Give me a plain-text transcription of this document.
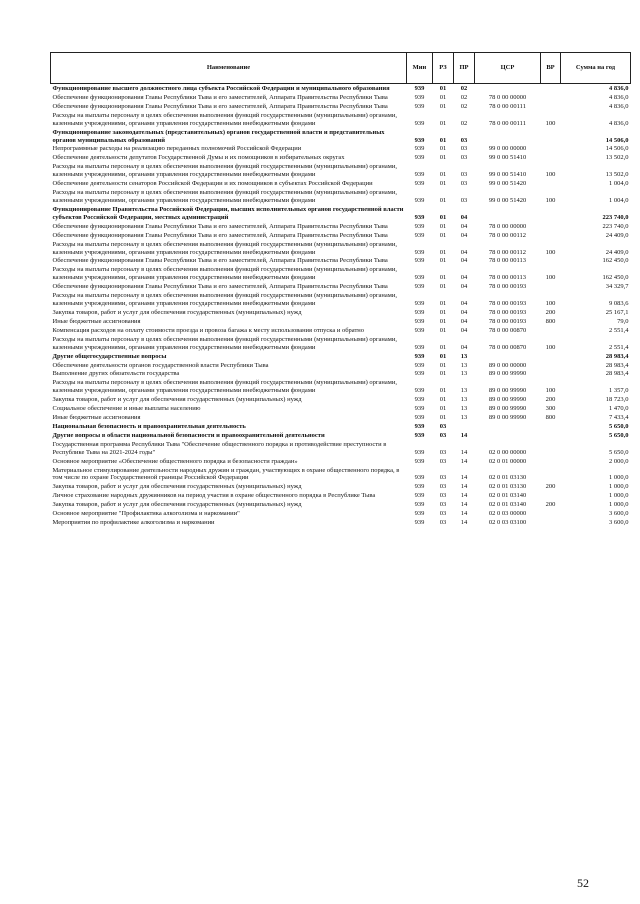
Наименование	Мин	РЗ	ПР	ЦСР	ВР	Сумма на год
Функционирование высшего должностного лица субъекта Российской Федерации и муниципального образования	939	01	02			4 836,0
Обеспечение функционирования Главы Республики Тыва и его заместителей, Аппарата Правительства Республики Тыва	939	01	02	78 0 00 00000		4 836,0
Обеспечение функционирования Главы Республики Тыва и его заместителей, Аппарата Правительства Республики Тыва	939	01	02	78 0 00 00111		4 836,0
Расходы на выплаты персоналу в целях обеспечения выполнения функций государственными (муниципальными) органами, казенными учреждениями, органами управления государственными внебюджетными фондами	939	01	02	78 0 00 00111	100	4 836,0
Функционирование законодательных (представительных) органов государственной власти и представительных органов муниципальных образований	939	01	03			14 506,0
Непрограммные расходы на реализацию переданных полномочий Российской Федерации	939	01	03	99 0 00 00000		14 506,0
Обеспечение деятельности депутатов Государственной Думы и их помощников в избирательных округах	939	01	03	99 0 00 51410		13 502,0
Расходы на выплаты персоналу в целях обеспечения выполнения функций государственными (муниципальными) органами, казенными учреждениями, органами управления государственными внебюджетными фондами	939	01	03	99 0 00 51410	100	13 502,0
Обеспечение деятельности сенаторов Российской Федерации и их помощников в субъектах Российской Федерации	939	01	03	99 0 00 51420		1 004,0
Расходы на выплаты персоналу в целях обеспечения выполнения функций государственными (муниципальными) органами, казенными учреждениями, органами управления государственными внебюджетными фондами	939	01	03	99 0 00 51420	100	1 004,0
Функционирование Правительства Российской Федерации, высших исполнительных органов государственной власти субъектов Российской Федерации, местных администраций	939	01	04			223 740,0
Обеспечение функционирования Главы Республики Тыва и его заместителей, Аппарата Правительства Республики Тыва	939	01	04	78 0 00 00000		223 740,0
Обеспечение функционирования Главы Республики Тыва и его заместителей, Аппарата Правительства Республики Тыва	939	01	04	78 0 00 00112		24 409,0
Расходы на выплаты персоналу в целях обеспечения выполнения функций государственными (муниципальными) органами, казенными учреждениями, органами управления государственными внебюджетными фондами	939	01	04	78 0 00 00112	100	24 409,0
Обеспечение функционирования Главы Республики Тыва и его заместителей, Аппарата Правительства Республики Тыва	939	01	04	78 0 00 00113		162 450,0
Расходы на выплаты персоналу в целях обеспечения выполнения функций государственными (муниципальными) органами, казенными учреждениями, органами управления государственными внебюджетными фондами	939	01	04	78 0 00 00113	100	162 450,0
Обеспечение функционирования Главы Республики Тыва и его заместителей, Аппарата Правительства Республики Тыва	939	01	04	78 0 00 00193		34 329,7
Расходы на выплаты персоналу в целях обеспечения выполнения функций государственными (муниципальными) органами, казенными учреждениями, органами управления государственными внебюджетными фондами	939	01	04	78 0 00 00193	100	9 083,6
Закупка товаров, работ и услуг для обеспечения государственных (муниципальных) нужд	939	01	04	78 0 00 00193	200	25 167,1
Иные бюджетные ассигнования	939	01	04	78 0 00 00193	800	79,0
Компенсация расходов на оплату стоимости проезда и провоза багажа к месту использования отпуска и обратно	939	01	04	78 0 00 00870		2 551,4
Расходы на выплаты персоналу в целях обеспечения выполнения функций государственными (муниципальными) органами, казенными учреждениями, органами управления государственными внебюджетными фондами	939	01	04	78 0 00 00870	100	2 551,4
Другие общегосударственные вопросы	939	01	13			28 983,4
Обеспечение деятельности органов государственной власти Республики Тыва	939	01	13	89 0 00 00000		28 983,4
Выполнение других обязательств государства	939	01	13	89 0 00 99990		28 983,4
Расходы на выплаты персоналу в целях обеспечения выполнения функций государственными (муниципальными) органами, казенными учреждениями, органами управления государственными внебюджетными фондами	939	01	13	89 0 00 99990	100	1 357,0
Закупка товаров, работ и услуг для обеспечения государственных (муниципальных) нужд	939	01	13	89 0 00 99990	200	18 723,0
Социальное обеспечение и иные выплаты населению	939	01	13	89 0 00 99990	300	1 470,0
Иные бюджетные ассигнования	939	01	13	89 0 00 99990	800	7 433,4
Национальная безопасность и правоохранительная деятельность	939	03				5 650,0
Другие вопросы в области национальной безопасности и правоохранительной деятельности	939	03	14			5 650,0
Государственная программа Республики Тыва "Обеспечение общественного порядка и противодействие преступности в Республике Тыва на 2021-2024 годы"	939	03	14	02 0 00 00000		5 650,0
Основное мероприятие «Обеспечение общественного порядка и безопасности граждан»	939	03	14	02 0 01 00000		2 000,0
Материальное стимулирование деятельности народных дружин и граждан, участвующих в охране общественного порядка, в том числе по охране Государственной границы Российской Федерации	939	03	14	02 0 01 03130		1 000,0
Закупка товаров, работ и услуг для обеспечения государственных (муниципальных) нужд	939	03	14	02 0 01 03130	200	1 000,0
Личное страхование народных дружинников на период участия в охране общественного порядка в Республике Тыва	939	03	14	02 0 01 03140		1 000,0
Закупка товаров, работ и услуг для обеспечения государственных (муниципальных) нужд	939	03	14	02 0 01 03140	200	1 000,0
Основное мероприятие "Профилактика алкоголизма и наркомании"	939	03	14	02 0 03 00000		3 600,0
Мероприятия по профилактике алкоголизма и наркомании	939	03	14	02 0 03 03100		3 600,0
52
